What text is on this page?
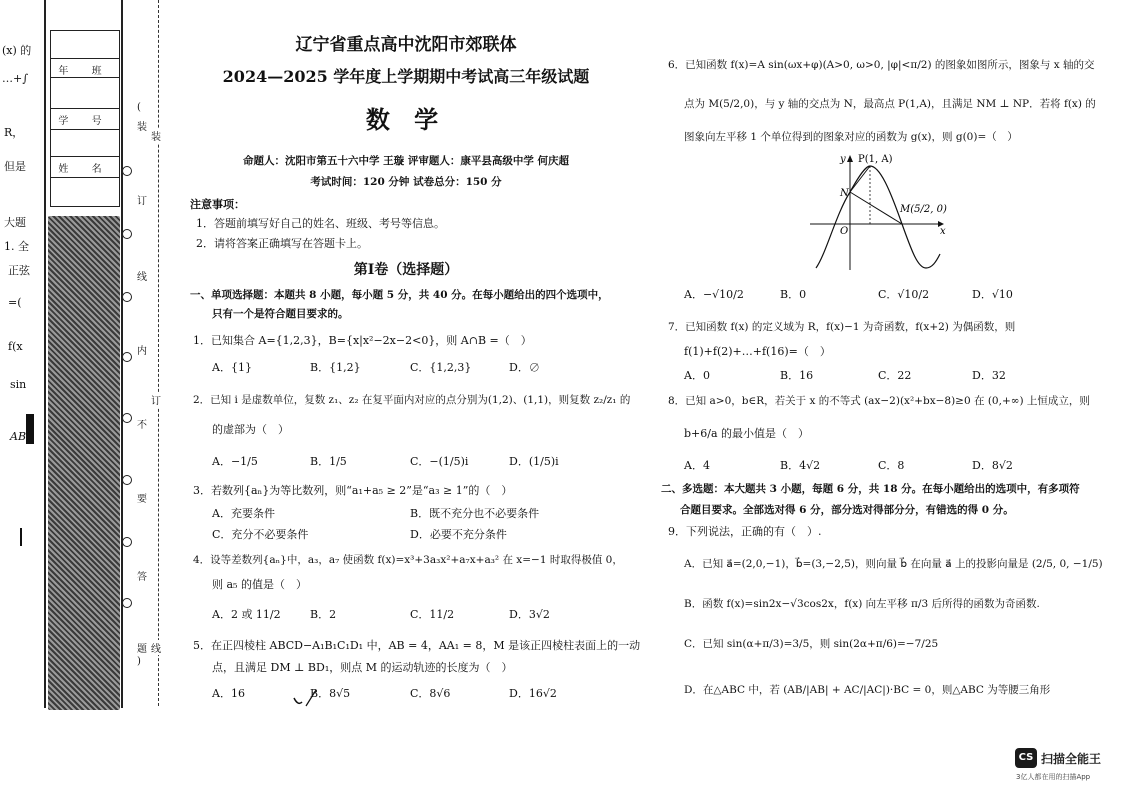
(x) 的
…+∫
R，
但是
大题
1. 全
正弦
=(
f(x
sin
AB
年 班
学 号
姓 名
(
装
订
线
内
不
要
答
题
)
装
订
线
辽宁省重点高中沈阳市郊联体
2024—2025 学年度上学期期中考试高三年级试题
数 学
命题人：沈阳市第五十六中学 王璇 评审题人：康平县高级中学 何庆超
考试时间：120 分钟 试卷总分：150 分
注意事项：
1．答题前填写好自己的姓名、班级、考号等信息。
2．请将答案正确填写在答题卡上。
第Ⅰ卷（选择题）
一、单项选择题：本题共 8 小题，每小题 5 分，共 40 分。在每小题给出的四个选项中，
只有一个是符合题目要求的。
1．已知集合 A={1,2,3}，B={x|x²−2x−2<0}，则 A∩B =（　）
A．{1}	B．{1,2}	C．{1,2,3}	D．∅
2．已知 i 是虚数单位，复数 z₁、z₂ 在复平面内对应的点分别为(1,2)、(1,1)，则复数 z₂/z₁ 的
的虚部为（　）
A．−1/5	B．1/5	C．−(1/5)i	D．(1/5)i
3．若数列{aₙ}为等比数列，则“a₁+a₅ ≥ 2”是“a₃ ≥ 1”的（　）
A．充要条件	B．既不充分也不必要条件
C．充分不必要条件	D．必要不充分条件
4．设等差数列{aₙ}中，a₃，a₇ 使函数 f(x)=x³+3a₃x²+a₇x+a₃² 在 x=−1 时取得极值 0，
则 a₅ 的值是（　）
A．2 或 11/2	B．2	C．11/2	D．3√2
5．在正四棱柱 ABCD−A₁B₁C₁D₁ 中，AB = 4，AA₁ = 8，M 是该正四棱柱表面上的一动
点，且满足 DM ⊥ BD₁，则点 M 的运动轨迹的长度为（　）
A．16	B．8√5	C．8√6	D．16√2
6．已知函数 f(x)=A sin(ωx+φ)(A>0, ω>0, |φ|<π/2) 的图象如图所示，图象与 x 轴的交
点为 M(5/2,0)，与 y 轴的交点为 N，最高点 P(1,A)，且满足 NM ⊥ NP．若将 f(x) 的
图象向左平移 1 个单位得到的图象对应的函数为 g(x)，则 g(0)=（　）
P(1, A)
N
M(5/2, 0)
O	x
y
A．−√10/2	B．0	C．√10/2	D．√10
7．已知函数 f(x) 的定义域为 R，f(x)−1 为奇函数，f(x+2) 为偶函数，则
f(1)+f(2)+…+f(16)=（　）
A．0	B．16	C．22	D．32
8．已知 a>0，b∈R，若关于 x 的不等式 (ax−2)(x²+bx−8)≥0 在 (0,+∞) 上恒成立，则
b+6/a 的最小值是（　）
A．4	B．4√2	C．8	D．8√2
二、多选题：本大题共 3 小题，每题 6 分，共 18 分。在每小题给出的选项中，有多项符
合题目要求。全部选对得 6 分，部分选对得部分分，有错选的得 0 分。
9．下列说法，正确的有（　）.
A．已知 a⃗=(2,0,−1)，b⃗=(3,−2,5)，则向量 b⃗ 在向量 a⃗ 上的投影向量是 (2/5, 0, −1/5)
B．函数 f(x)=sin2x−√3cos2x，f(x) 向左平移 π/3 后所得的函数为奇函数.
C．已知 sin(α+π/3)=3/5，则 sin(2α+π/6)=−7/25
D．在△ABC 中，若 (AB/|AB| + AC/|AC|)·BC = 0，则△ABC 为等腰三角形
CS 扫描全能王
3亿人都在用的扫描App
